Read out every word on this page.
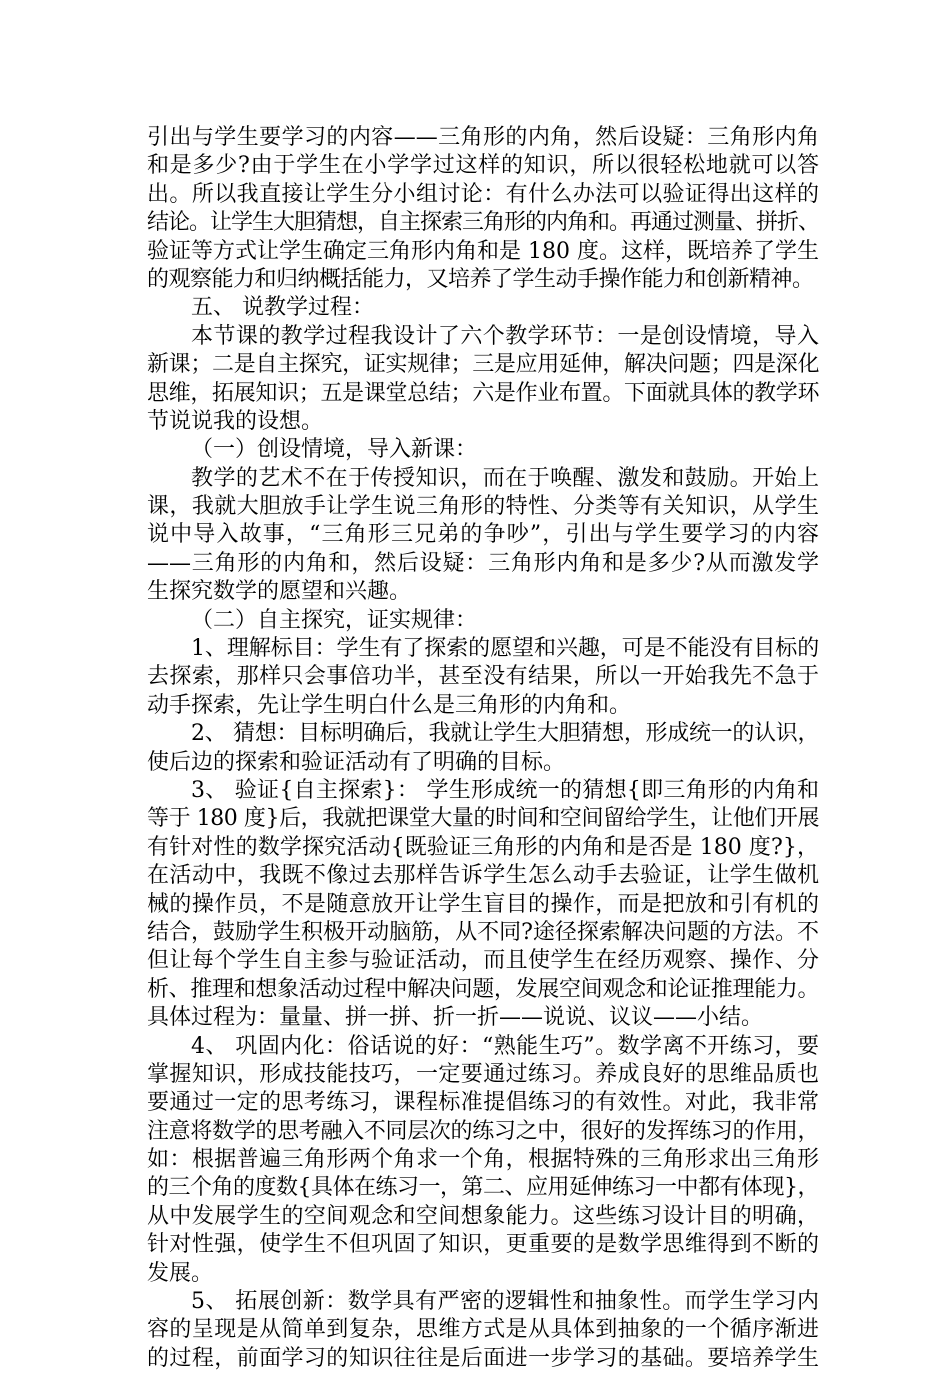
引出与学生要学习的内容——三角形的内角，然后设疑：三角形内角
和是多少?由于学生在小学学过这样的知识，所以很轻松地就可以答
出。所以我直接让学生分小组讨论：有什么办法可以验证得出这样的
结论。让学生大胆猜想，自主探索三角形的内角和。再通过测量、拼折、
验证等方式让学生确定三角形内角和是 180 度。这样，既培养了学生
的观察能力和归纳概括能力，又培养了学生动手操作能力和创新精神。
五、 说教学过程：
本节课的教学过程我设计了六个教学环节：一是创设情境，导入
新课；二是自主探究，证实规律；三是应用延伸，解决问题；四是深化
思维，拓展知识；五是课堂总结；六是作业布置。下面就具体的教学环
节说说我的设想。
（一）创设情境，导入新课：
教学的艺术不在于传授知识，而在于唤醒、激发和鼓励。开始上
课，我就大胆放手让学生说三角形的特性、分类等有关知识，从学生
说中导入故事，“三角形三兄弟的争吵”，引出与学生要学习的内容
——三角形的内角和，然后设疑：三角形内角和是多少?从而激发学
生探究数学的愿望和兴趣。
（二）自主探究，证实规律：
1、理解标目：学生有了探索的愿望和兴趣，可是不能没有目标的
去探索，那样只会事倍功半，甚至没有结果，所以一开始我先不急于
动手探索，先让学生明白什么是三角形的内角和。
2、 猜想：目标明确后，我就让学生大胆猜想，形成统一的认识，
使后边的探索和验证活动有了明确的目标。
3、 验证{自主探索}： 学生形成统一的猜想{即三角形的内角和
等于 180 度}后，我就把课堂大量的时间和空间留给学生，让他们开展
有针对性的数学探究活动{既验证三角形的内角和是否是 180 度?}，
在活动中，我既不像过去那样告诉学生怎么动手去验证，让学生做机
械的操作员，不是随意放开让学生盲目的操作，而是把放和引有机的
结合，鼓励学生积极开动脑筋，从不同?途径探索解决问题的方法。不
但让每个学生自主参与验证活动，而且使学生在经历观察、操作、分
析、推理和想象活动过程中解决问题，发展空间观念和论证推理能力。
具体过程为：量量、拼一拼、折一折——说说、议议——小结。
4、 巩固内化：俗话说的好：“熟能生巧”。数学离不开练习，要
掌握知识，形成技能技巧，一定要通过练习。养成良好的思维品质也
要通过一定的思考练习，课程标准提倡练习的有效性。对此，我非常
注意将数学的思考融入不同层次的练习之中，很好的发挥练习的作用，
如：根据普遍三角形两个角求一个角，根据特殊的三角形求出三角形
的三个角的度数{具体在练习一，第二、应用延伸练习一中都有体现}，
从中发展学生的空间观念和空间想象能力。这些练习设计目的明确，
针对性强，使学生不但巩固了知识，更重要的是数学思维得到不断的
发展。
5、 拓展创新：数学具有严密的逻辑性和抽象性。而学生学习内
容的呈现是从简单到复杂，思维方式是从具体到抽象的一个循序渐进
的过程，前面学习的知识往往是后面进一步学习的基础。要培养学生
